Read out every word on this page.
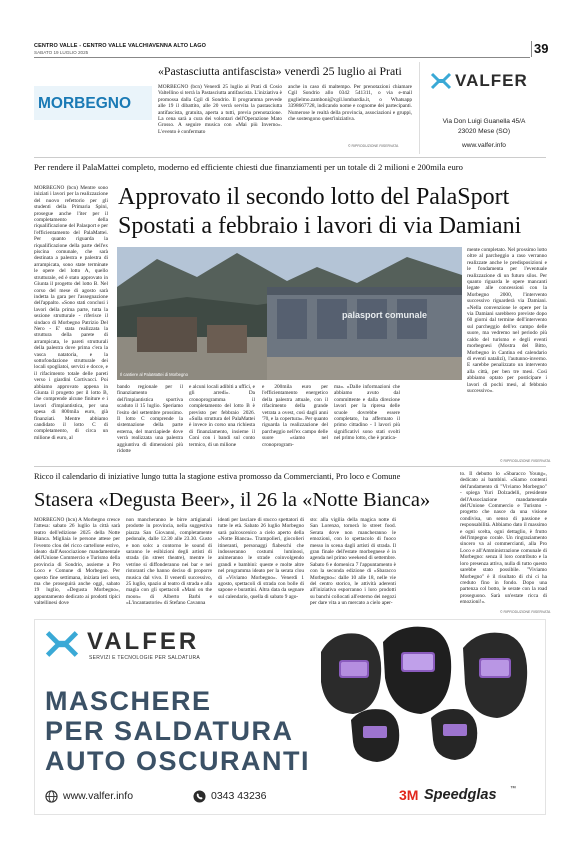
CENTRO VALLE - CENTRO VALLE VALCHIAVENNA ALTO LAGO
SABATO 19 LUGLIO 2025	39
MORBEGNO
«Pastasciutta antifascista» venerdì 25 luglio ai Prati
MORBEGNO (bcn) Venerdì 25 luglio ai Prati di Cosio Valtellino si terrà la Pastasciutta antifascista. L'iniziativa è promossa dalla Cgil di Sondrio. Il programma prevede alle 19 il dibattito, alle 20 verrà servita la pastasciutta antifascista, gratuita, aperta a tutti, previa prenotazione. La cena sarà a cura dei volontari dell'Operazione Mato Grosso. A seguire musica con «Mai più Inverno». L'evento è confermato
anche in caso di maltempo. Per prenotazioni chiamare Cgil Sondrio allo 0342 541311, o via e-mail guglielmo.zamboni@cgil.lombardia.it, o Whatsapp 3398667728, indicando nome e cognome dei partecipanti. Numerose le realtà della provincia, associazioni e gruppi, che sostengono quest'iniziativa.
© RIPRODUZIONE RISERVATA
VALFER
Via Don Luigi Guanella 45/A
23020 Mese (SO)
www.valfer.info
Per rendere il PalaMattei completo, moderno ed efficiente chiesti due finanziamenti per un totale di 2 milioni e 200mila euro
MORBEGNO (bcn) Mentre sono iniziati i lavori per la realizzazione del nuovo refettorio per gli studenti della Primaria Spini, prosegue anche l'iter per il completamento della riqualificazione del Palasport e per l'efficientamento del PalaMattei. Per quanto riguarda la riqualificazione della parte dell'ex piscina comunale, che sarà destinata a palestra e palestra di arrampicata, sono state terminate le opere del lotto A, quello strutturale, ed è stato approvato in Giunta il progetto del lotto B. Nel corso del mese di agosto sarà indetta la gara per l'assegnazione dell'appalto. «Sono stati conclusi i lavori della prima parte, tutta la sezione strutturale - riferisce il sindaco di Morbegno Patrizio Del Nero - E' stata realizzata la struttura della parete di arrampicata, le pareti strutturali della palestra dove prima c'era la vasca natatoria, e la sottofondazione strutturale dei locali spogliatoi, servizi e docce, e il rifacimento totale delle pareti verso i giardini Cortivacci. Poi abbiamo approvato appena in Giunta il progetto per il lotto B, che comprende alcune finiture e i lavori d'impiantistica, per una spesa di 800mila euro, già finanziati. Mentre abbiamo candidato il lotto C di completamento, di circa un milione di euro, al
Approvato il secondo lotto del PalaSport
Spostati a febbraio i lavori di via Damiani
palasport comunale
Il cantiere al PalaMattei di Morbegno
bando regionale per il finanziamento dell'impiantistica sportiva scaduto il 15 luglio. Speriamo l'esito del settembre prossimo. Il lotto C comprende la sistemazione della parte esterna, del marciapiede dove verrà realizzata una palestra aggiuntiva di dimensioni più ridotte
e alcuni locali adibiti a uffici, e gli arredi». Da cronoprogramma il completamento del lotto B è previsto per febbraio 2026. «Sulla struttura del PalaMattei è invece in corso una richiesta di finanziamento, insieme il Coni con i bandi sul conto termico, di un milione
e 200mila euro per l'efficientamento energetico della palestra attuale, con il rifacimento della grande vetrata a ovest, così dagli anni '70, e la copertura». Per quanto riguarda la realizzazione del parcheggio nell'ex campo delle suore «siamo nel cronoprogram-
ma». «Dalle informazioni che abbiamo avuto dal committente e dalla direzione lavori per la ripresa delle scuole dovrebbe essere completato, ha affermato il primo cittadino - I lavori più significativi sono stati svolti nel primo lotto, che è pratica-
mente completato. Nel prossimo lotto oltre al parcheggio a raso verranno realizzate anche le predisposizioni e le fondamenta per l'eventuale realizzazione di un futuro silos. Per quanto riguarda le opere mancanti legate alle concessioni con la Morbegno 2000, l'intervento successivo riguarderà via Damiani. «Nella convenzione le opere per la via Damiani sarebbero previste dopo 60 giorni dal termine dell'intervento sul parcheggio dell'ex campo delle suore, ma vedremo nel periodo più caldo del turismo e degli eventi morbegnesi (Mostra del Bitto, Morbegno in Cantina ed calendario di eventi natalizi), l'autunno-inverno. E sarebbe penalizzato un intervento alla città, per ben tre mesi. Così abbiamo optato per posticipare i lavori di pochi mesi, al febbraio successivo».
© RIPRODUZIONE RISERVATA
Ricco il calendario di iniziative lungo tutta la stagione estiva promosso da Commercianti, Pro loco e Comune
Stasera «Degusta Beer», il 26 la «Notte Bianca»
MORBEGNO (bcn) A Morbegno cresce l'attesa: sabato 26 luglio la città sarà teatro dell'edizione 2025 della Notte Bianca. Migliaia le persone attese per l'evento clou del ricco cartellone estivo, ideato dall'Associazione mandamentale dell'Unione Commercio e Turismo della provincia di Sondrio, assieme a Pro Loco e Comune di Morbegno. Per questo fine settimana, iniziata ieri sera, ma che proseguirà anche oggi, sabato 19 luglio, «Degusta Morbegno», appuntamento dedicato ai prodotti tipici valtellinesi dove
non mancheranno le birre artigianali prodotte in provincia, nella suggestiva piazza San Giovanni, completamente pedonale, dalle 12.30 alle 23.30. Gusto e non solo: a contorno le sound di saranno le esibizioni degli artisti di strada (in street theatre), mentre le vetrine si diffonderanno nei bar e nei ristoranti che hanno deciso di proporre musica dal vivo. Il venerdì successivo, 25 luglio, spazio al teatro di strada e alla magia con gli spettacoli «Mani on the moon» di Alberto Barbi e «L'incantastorie» di Stefano Cavanna
ideati per lasciare di stucco spettatori di tutte le età. Sabato 26 luglio Morbegno sarà palcoscenico a cielo aperto della «Notte Bianca». Trampolieri, giocolieri itineranti, personaggi fiabeschi che indosseranno costumi luminosi, animeranno le strade coinvolgendo grandi e bambini: queste e molte altre nel programma ideato per la serata clou di «Viviamo Morbegno». Venerdì 1 agosto, spettacoli di strada con bolle di sapone e burattini. Altra data da segnare sul calendario, quella di sabato 9 ago-
sto: alla vigilia della magica notte di San Lorenzo, tornerà lo street food. Serata dove non mancheranno le emozioni, con lo spettacolo di fuoco messo in scena dagli artisti di strada. Il gran finale dell'estate morbegnese è in agenda nel primo weekend di settembre. Sabato 6 e domenica 7 l'appuntamento è con la seconda edizione di «Sbaracco Morbegno»: dalle 10 alle 18, nelle vie del centro storico, le attività aderenti all'iniziativa esporranno i loro prodotti su banchi collocati all'esterno dei negozi per dare vita a un mercato a cielo aper-
to. Il debutto lo «Sbaracco Young», dedicato ai bambini. «Siamo contenti dell'andamento di "Viviamo Morbegno" - spiega Yuri Dolzadelli, presidente dell'Associazione mandamentale dell'Unione Commercio e Turismo - progetto che nasce da una visione condivisa, un senso di passione e responsabilità. Abbiamo dato il massimo e ogni scelta, ogni dettaglio, è frutto dell'impegno corale. Un ringraziamento sincero va al commercianti, alla Pro Loco e all'Amministrazione comunale di Morbegno: senza il loro contributo e la loro presenza attiva, nulla di tutto questo sarebbe stato possibile. "Viviamo Morbegno" è il risultato di chi ci ha creduto fino in fondo. Dopo una partenza col botto, le serate con la road proseguono. Sarà un'estate ricca di emozioni!».
© RIPRODUZIONE RISERVATA
VALFER
SERVIZI E TECNOLOGIE PER SALDATURA
MASCHERE
PER SALDATURA
AUTO OSCURANTI
www.valfer.info	0343 43236	3M Speedglas ™
